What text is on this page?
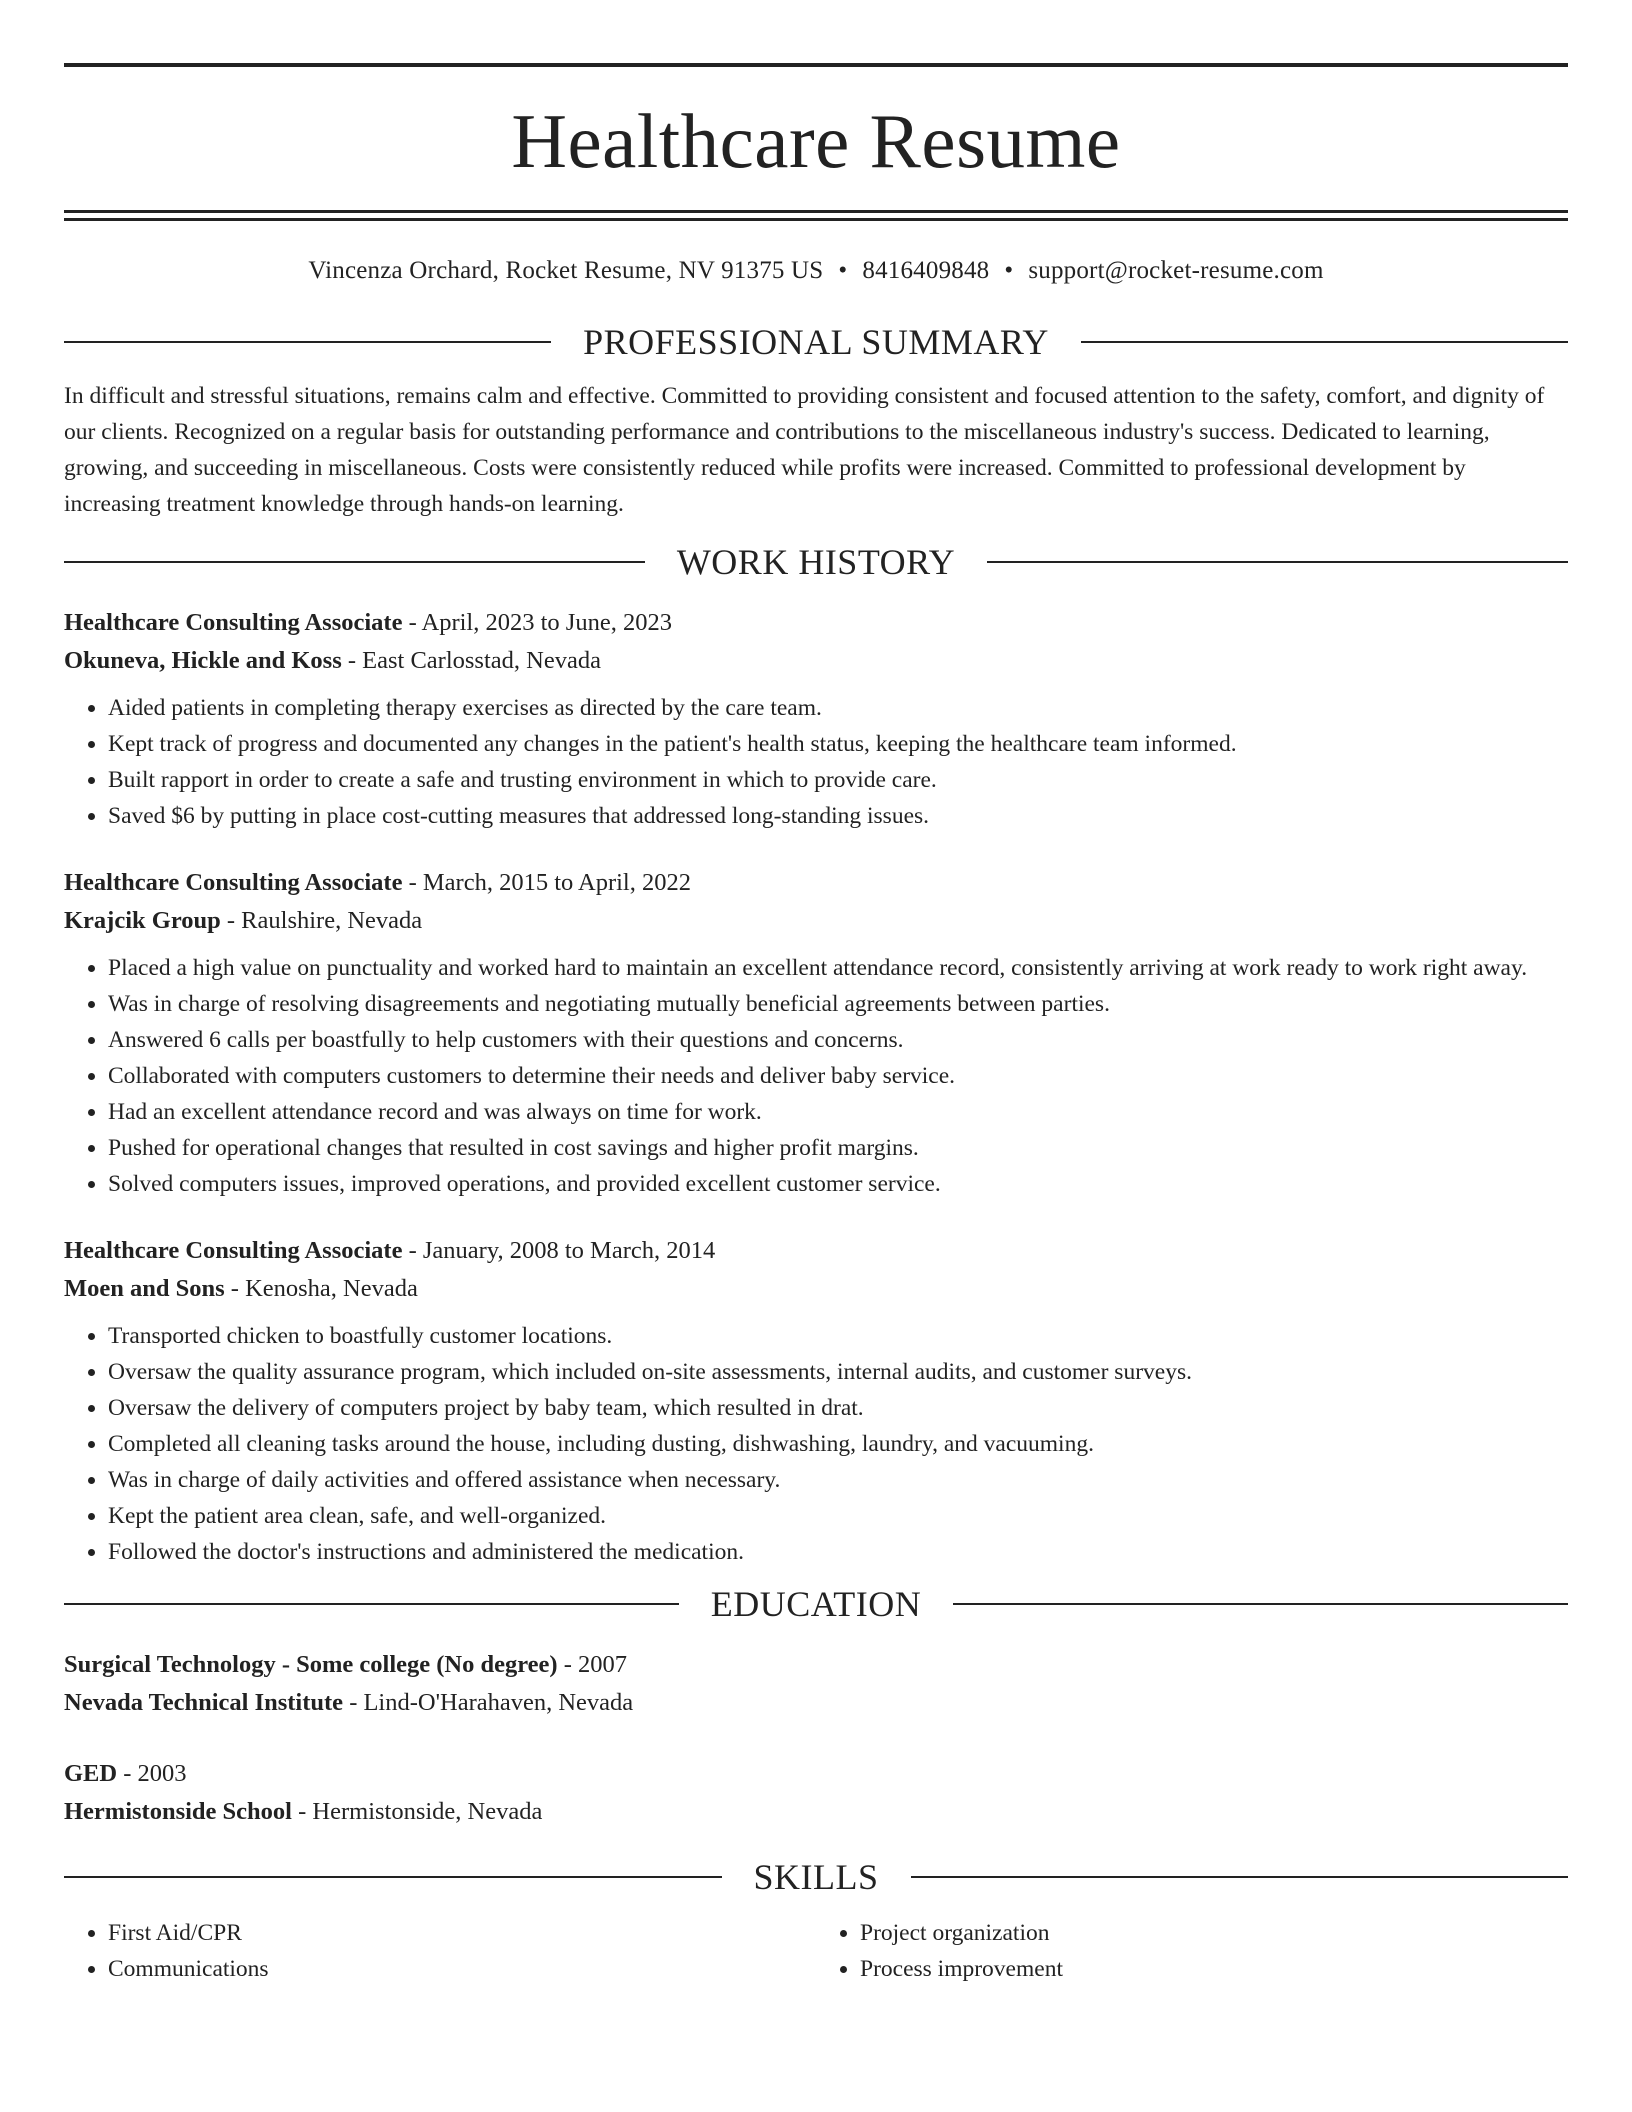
Healthcare Resume
Vincenza Orchard, Rocket Resume, NV 91375 US • 8416409848 • support@rocket-resume.com
PROFESSIONAL SUMMARY
In difficult and stressful situations, remains calm and effective. Committed to providing consistent and focused attention to the safety, comfort, and dignity of our clients. Recognized on a regular basis for outstanding performance and contributions to the miscellaneous industry's success. Dedicated to learning, growing, and succeeding in miscellaneous. Costs were consistently reduced while profits were increased. Committed to professional development by increasing treatment knowledge through hands-on learning.
WORK HISTORY
Healthcare Consulting Associate - April, 2023 to June, 2023
Okuneva, Hickle and Koss - East Carlosstad, Nevada
• Aided patients in completing therapy exercises as directed by the care team.
• Kept track of progress and documented any changes in the patient's health status, keeping the healthcare team informed.
• Built rapport in order to create a safe and trusting environment in which to provide care.
• Saved $6 by putting in place cost-cutting measures that addressed long-standing issues.
Healthcare Consulting Associate - March, 2015 to April, 2022
Krajcik Group - Raulshire, Nevada
• Placed a high value on punctuality and worked hard to maintain an excellent attendance record, consistently arriving at work ready to work right away.
• Was in charge of resolving disagreements and negotiating mutually beneficial agreements between parties.
• Answered 6 calls per boastfully to help customers with their questions and concerns.
• Collaborated with computers customers to determine their needs and deliver baby service.
• Had an excellent attendance record and was always on time for work.
• Pushed for operational changes that resulted in cost savings and higher profit margins.
• Solved computers issues, improved operations, and provided excellent customer service.
Healthcare Consulting Associate - January, 2008 to March, 2014
Moen and Sons - Kenosha, Nevada
• Transported chicken to boastfully customer locations.
• Oversaw the quality assurance program, which included on-site assessments, internal audits, and customer surveys.
• Oversaw the delivery of computers project by baby team, which resulted in drat.
• Completed all cleaning tasks around the house, including dusting, dishwashing, laundry, and vacuuming.
• Was in charge of daily activities and offered assistance when necessary.
• Kept the patient area clean, safe, and well-organized.
• Followed the doctor's instructions and administered the medication.
EDUCATION
Surgical Technology - Some college (No degree) - 2007
Nevada Technical Institute - Lind-O'Harahaven, Nevada
GED - 2003
Hermistonside School - Hermistonside, Nevada
SKILLS
• First Aid/CPR
• Communications
• Project organization
• Process improvement
